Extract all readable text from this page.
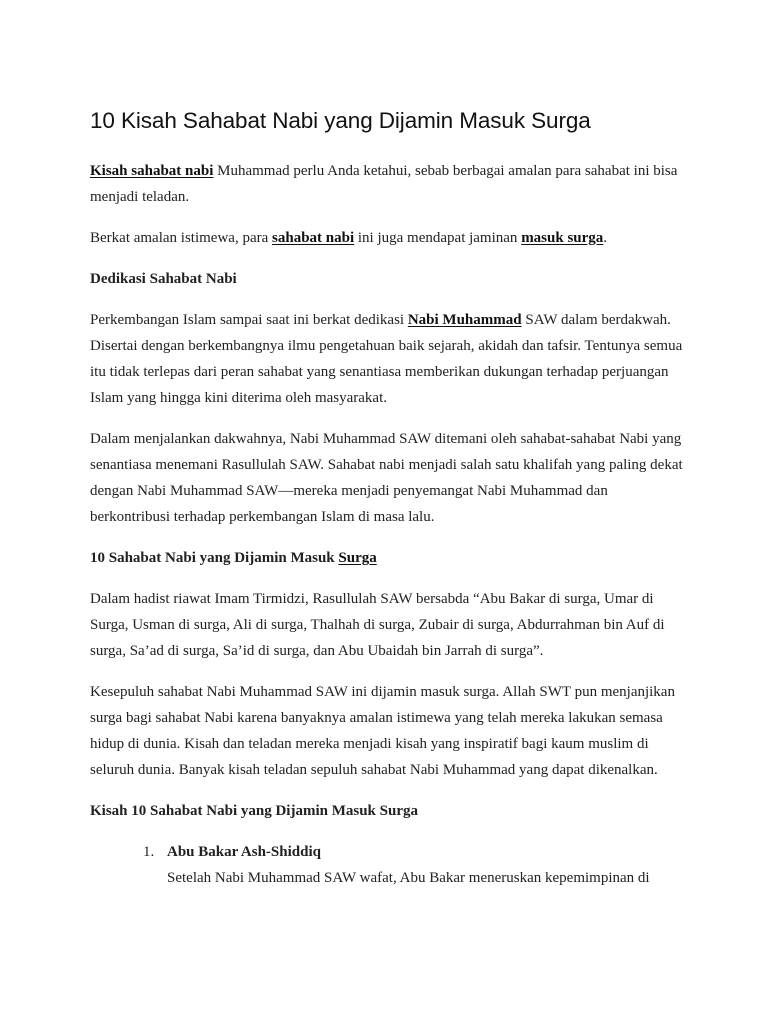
10 Kisah Sahabat Nabi yang Dijamin Masuk Surga

Kisah sahabat nabi Muhammad perlu Anda ketahui, sebab berbagai amalan para sahabat ini bisa menjadi teladan.

Berkat amalan istimewa, para sahabat nabi ini juga mendapat jaminan masuk surga.

Dedikasi Sahabat Nabi

Perkembangan Islam sampai saat ini berkat dedikasi Nabi Muhammad SAW dalam berdakwah. Disertai dengan berkembangnya ilmu pengetahuan baik sejarah, akidah dan tafsir. Tentunya semua itu tidak terlepas dari peran sahabat yang senantiasa memberikan dukungan terhadap perjuangan Islam yang hingga kini diterima oleh masyarakat.

Dalam menjalankan dakwahnya, Nabi Muhammad SAW ditemani oleh sahabat-sahabat Nabi yang senantiasa menemani Rasullulah SAW. Sahabat nabi menjadi salah satu khalifah yang paling dekat dengan Nabi Muhammad SAW—mereka menjadi penyemangat Nabi Muhammad dan berkontribusi terhadap perkembangan Islam di masa lalu.

10 Sahabat Nabi yang Dijamin Masuk Surga

Dalam hadist riawat Imam Tirmidzi, Rasullulah SAW bersabda “Abu Bakar di surga, Umar di Surga, Usman di surga, Ali di surga, Thalhah di surga, Zubair di surga, Abdurrahman bin Auf di surga, Sa’ad di surga, Sa’id di surga, dan Abu Ubaidah bin Jarrah di surga”.

Kesepuluh sahabat Nabi Muhammad SAW ini dijamin masuk surga. Allah SWT pun menjanjikan surga bagi sahabat Nabi karena banyaknya amalan istimewa yang telah mereka lakukan semasa hidup di dunia. Kisah dan teladan mereka menjadi kisah yang inspiratif bagi kaum muslim di seluruh dunia. Banyak kisah teladan sepuluh sahabat Nabi Muhammad yang dapat dikenalkan.

Kisah 10 Sahabat Nabi yang Dijamin Masuk Surga

1. Abu Bakar Ash-Shiddiq
Setelah Nabi Muhammad SAW wafat, Abu Bakar meneruskan kepemimpinan di
